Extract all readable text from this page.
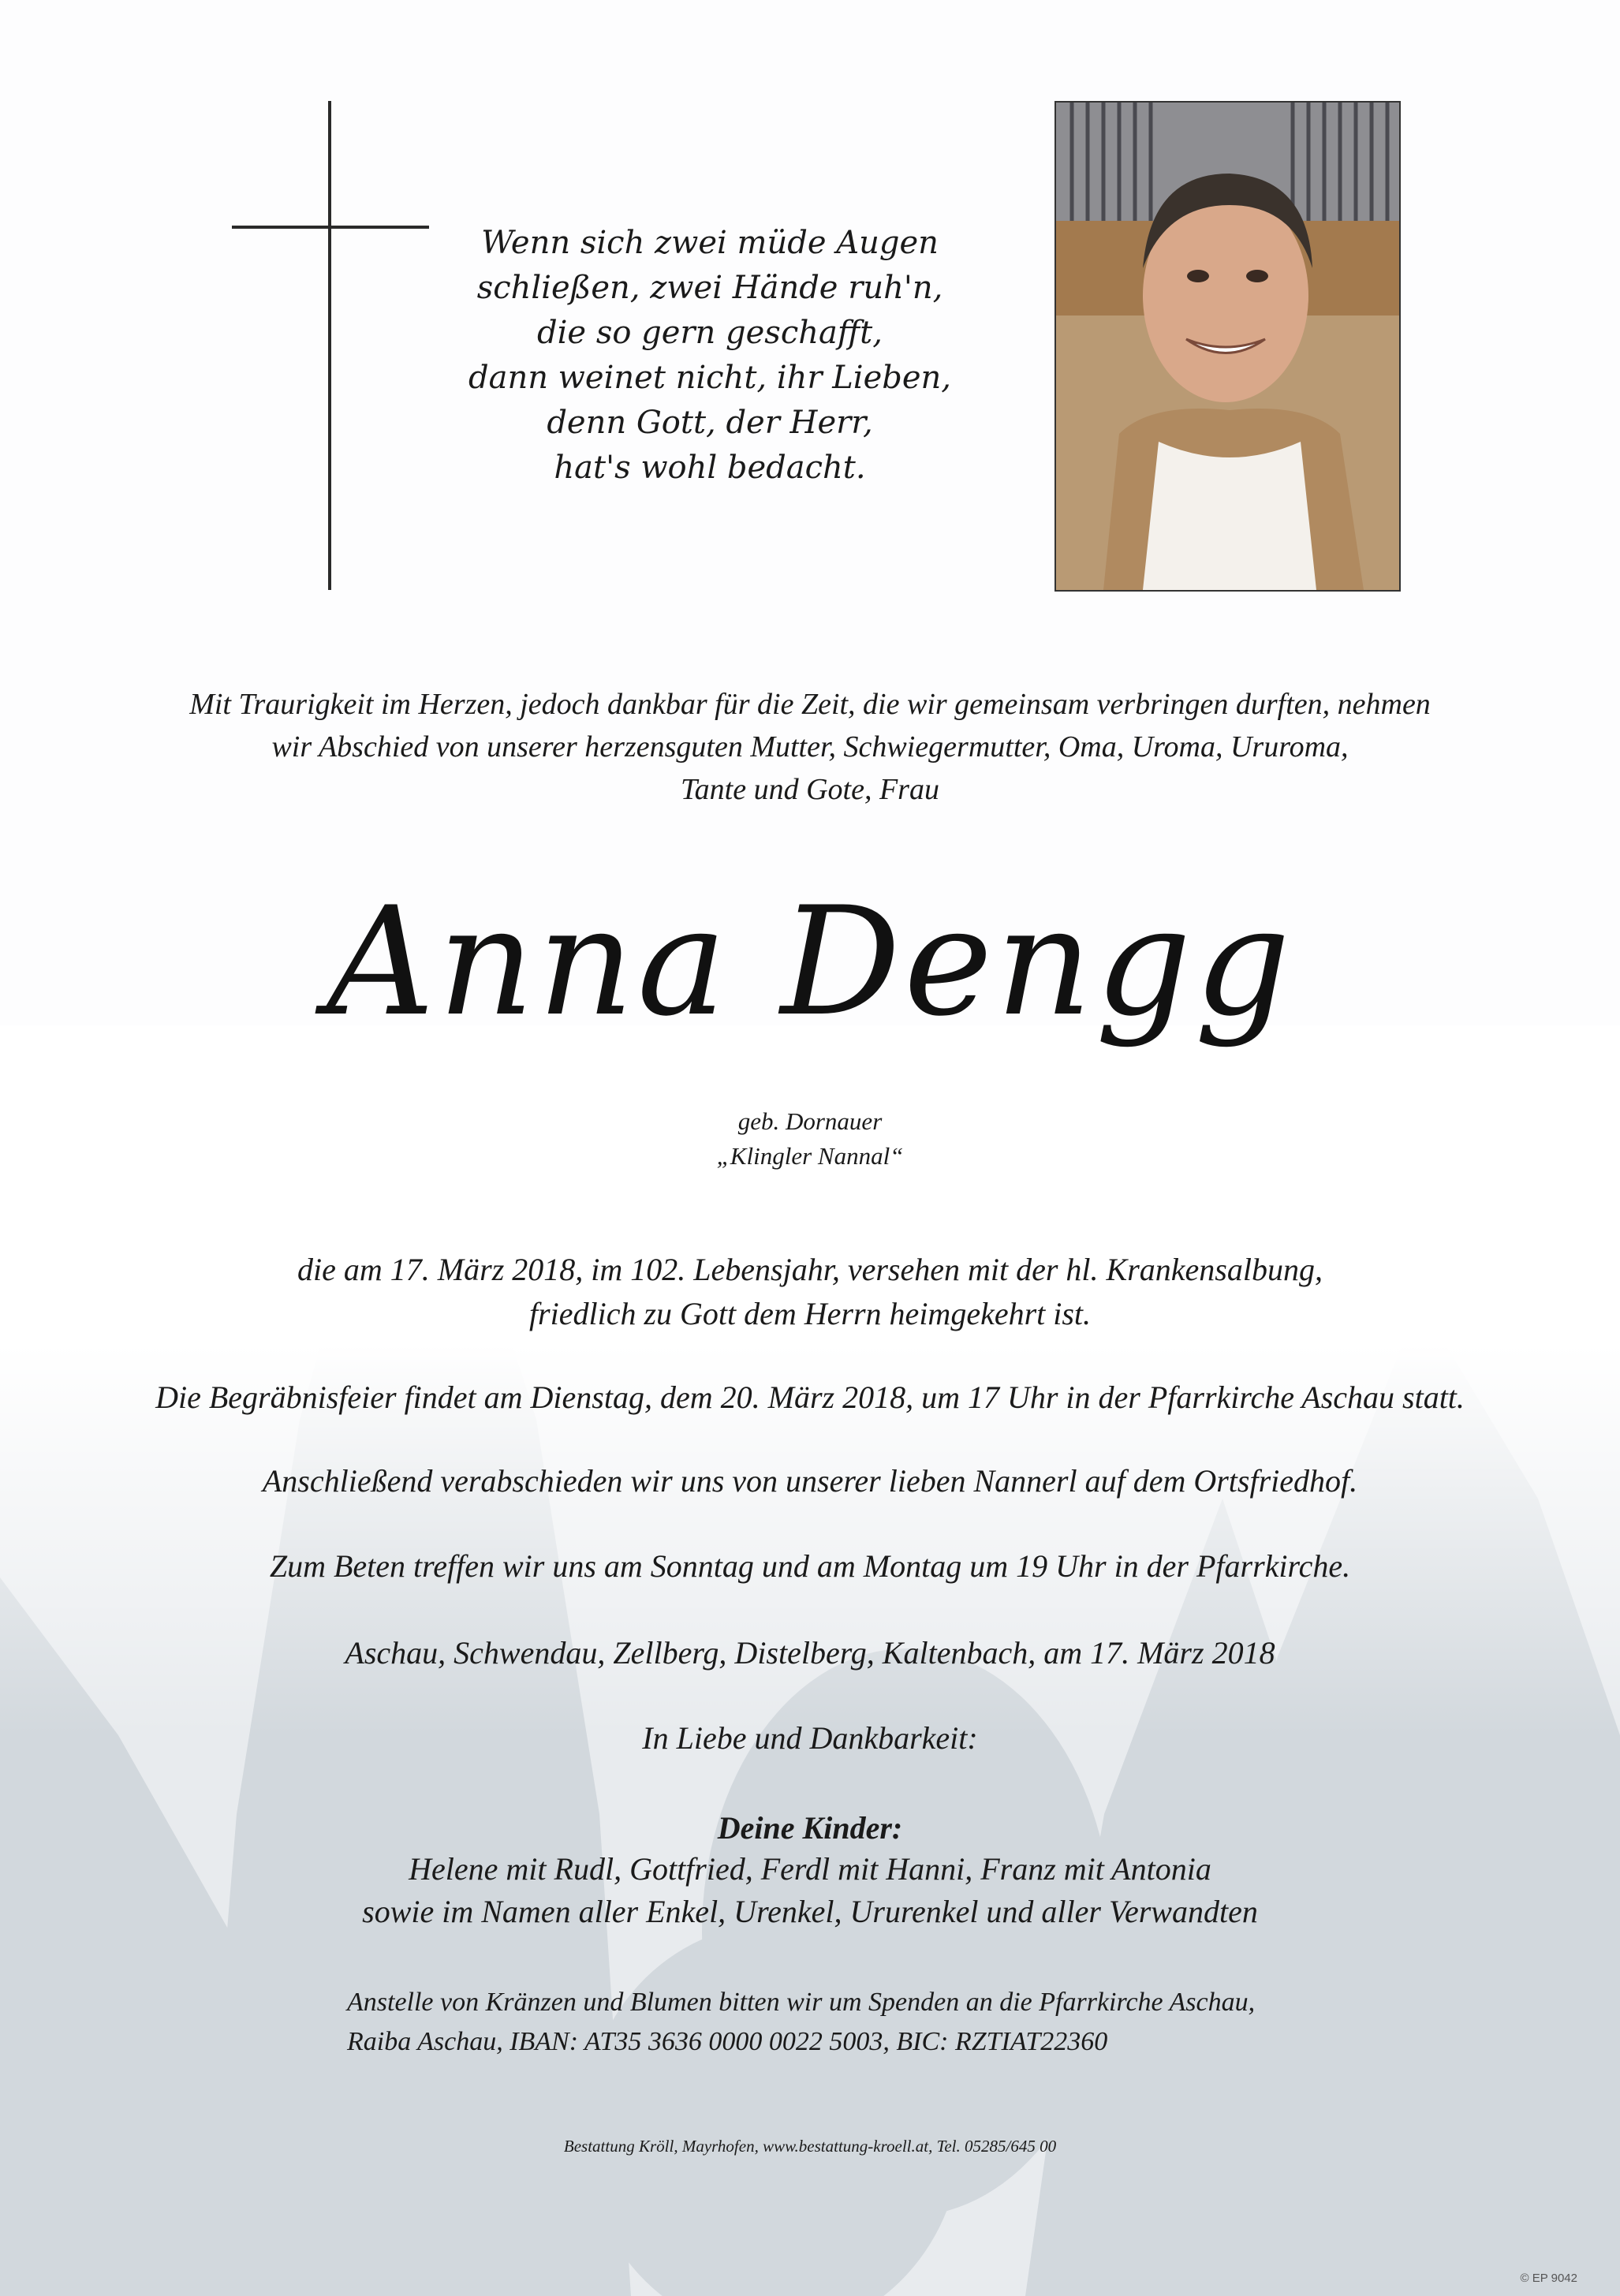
Wenn sich zwei müde Augen
schließen, zwei Hände ruh'n,
die so gern geschafft,
dann weinet nicht, ihr Lieben,
denn Gott, der Herr,
hat's wohl bedacht.
Mit Traurigkeit im Herzen, jedoch dankbar für die Zeit, die wir gemeinsam verbringen durften, nehmen
wir Abschied von unserer herzensguten Mutter, Schwiegermutter, Oma, Uroma, Ururoma,
Tante und Gote, Frau
Anna Dengg
geb. Dornauer
„Klingler Nannal“
die am 17. März 2018, im 102. Lebensjahr, versehen mit der hl. Krankensalbung,
friedlich zu Gott dem Herrn heimgekehrt ist.
Die Begräbnisfeier findet am Dienstag, dem 20. März 2018, um 17 Uhr in der Pfarrkirche Aschau statt.
Anschließend verabschieden wir uns von unserer lieben Nannerl auf dem Ortsfriedhof.
Zum Beten treffen wir uns am Sonntag und am Montag um 19 Uhr in der Pfarrkirche.
Aschau, Schwendau, Zellberg, Distelberg, Kaltenbach, am 17. März 2018
In Liebe und Dankbarkeit:
Deine Kinder:
Helene mit Rudl, Gottfried, Ferdl mit Hanni, Franz mit Antonia
sowie im Namen aller Enkel, Urenkel, Ururenkel und aller Verwandten
Anstelle von Kränzen und Blumen bitten wir um Spenden an die Pfarrkirche Aschau,
Raiba Aschau, IBAN: AT35 3636 0000 0022 5003, BIC: RZTIAT22360
Bestattung Kröll, Mayrhofen, www.bestattung-kroell.at, Tel. 05285/645 00
© EP 9042
